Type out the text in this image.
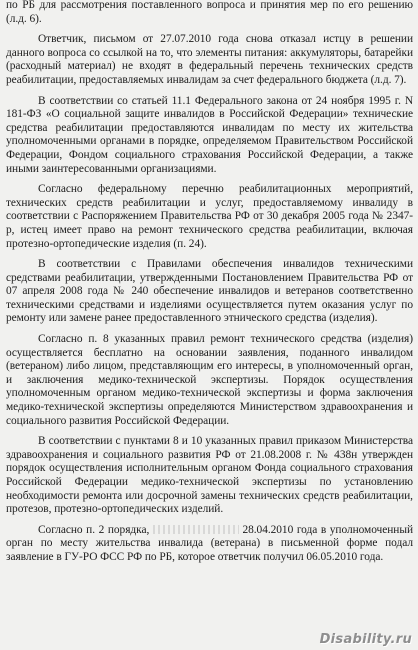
по РБ для рассмотрения поставленного вопроса и принятия мер по его решению (л.д. 6).

Ответчик, письмом от 27.07.2010 года снова отказал истцу в решении данного вопроса со ссылкой на то, что элементы питания: аккумуляторы, батарейки (расходный материал) не входят в федеральный перечень технических средств реабилитации, предоставляемых инвалидам за счет федерального бюджета (л.д. 7).

В соответствии со статьей 11.1 Федерального закона от 24 ноября 1995 г. N 181-ФЗ «О социальной защите инвалидов в Российской Федерации» технические средства реабилитации предоставляются инвалидам по месту их жительства уполномоченными органами в порядке, определяемом Правительством Российской Федерации, Фондом социального страхования Российской Федерации, а также иными заинтересованными организациями.

Согласно федеральному перечню реабилитационных мероприятий, технических средств реабилитации и услуг, предоставляемому инвалиду в соответствии с Распоряжением Правительства РФ от 30 декабря 2005 года № 2347-р, истец имеет право на ремонт технического средства реабилитации, включая протезно-ортопедические изделия (п. 24).

В соответствии с Правилами обеспечения инвалидов техническими средствами реабилитации, утвержденными Постановлением Правительства РФ от 07 апреля 2008 года № 240 обеспечение инвалидов и ветеранов соответственно техническими средствами и изделиями осуществляется путем оказания услуг по ремонту или замене ранее предоставленного этнического средства (изделия).

Согласно п. 8 указанных правил ремонт технического средства (изделия) осуществляется бесплатно на основании заявления, поданного инвалидом (ветераном) либо лицом, представляющим его интересы, в уполномоченный орган, и заключения медико-технической экспертизы. Порядок осуществления уполномоченным органом медико-технической экспертизы и форма заключения медико-технической экспертизы определяются Министерством здравоохранения и социального развития Российской Федерации.

В соответствии с пунктами 8 и 10 указанных правил приказом Министерства здравоохранения и социального развития РФ от 21.08.2008 г. № 438н утвержден порядок осуществления исполнительным органом Фонда социального страхования Российской Федерации медико-технической экспертизы по установлению необходимости ремонта или досрочной замены технических средств реабилитации, протезов, протезно-ортопедических изделий.

Согласно п. 2 порядка,	28.04.2010 года в уполномоченный орган по месту жительства инвалида (ветерана) в письменной форме подал заявление в ГУ-РО ФСС РФ по РБ, которое ответчик получил 06.05.2010 года.

Disability.ru
